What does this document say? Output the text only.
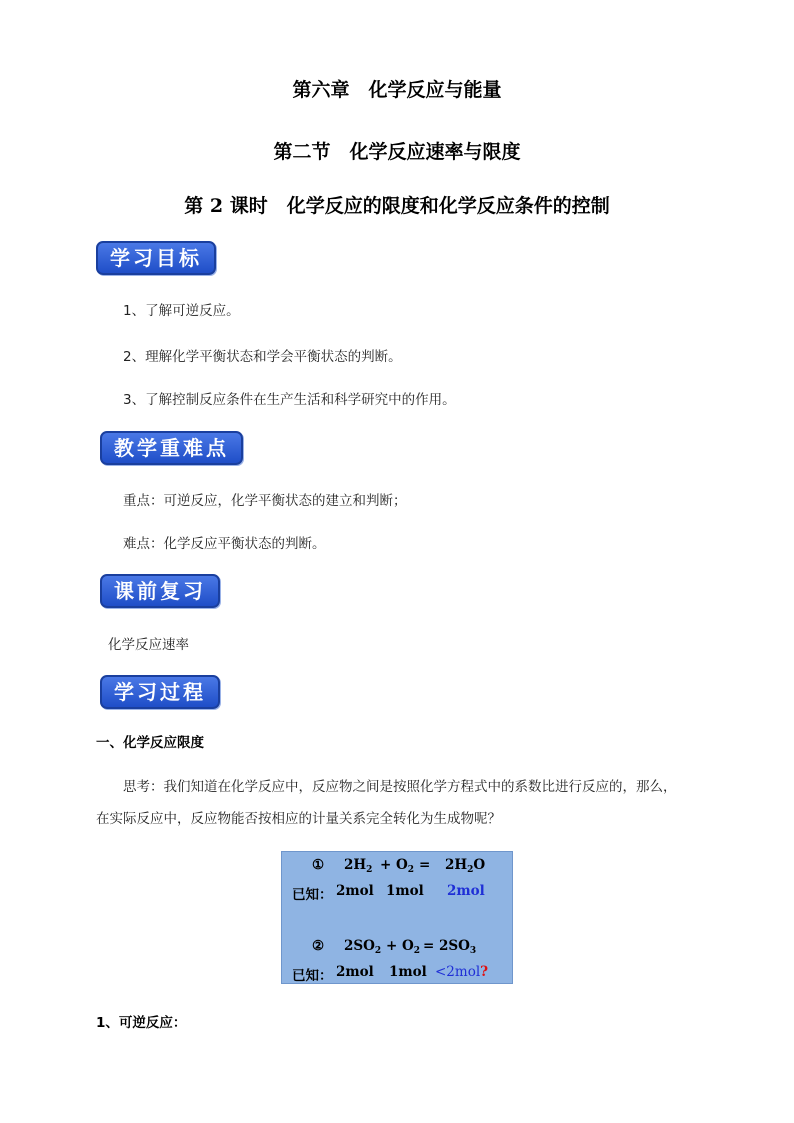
第六章　化学反应与能量
第二节　化学反应速率与限度
第 2 课时　化学反应的限度和化学反应条件的控制
学习目标
1、了解可逆反应。
2、理解化学平衡状态和学会平衡状态的判断。
3、了解控制反应条件在生产生活和科学研究中的作用。
教学重难点
重点：可逆反应，化学平衡状态的建立和判断；
难点：化学反应平衡状态的判断。
课前复习
化学反应速率
学习过程
一、化学反应限度
思考：我们知道在化学反应中，反应物之间是按照化学方程式中的系数比进行反应的，那么，
在实际反应中，反应物能否按相应的计量关系完全转化为生成物呢？
① $2H_2 + O_2 = 2H_2O$
已知： 2mol 1mol 2mol
② $2SO_2 + O_2 = 2SO_3$
已知： 2mol 1mol <2mol?
1、可逆反应：
